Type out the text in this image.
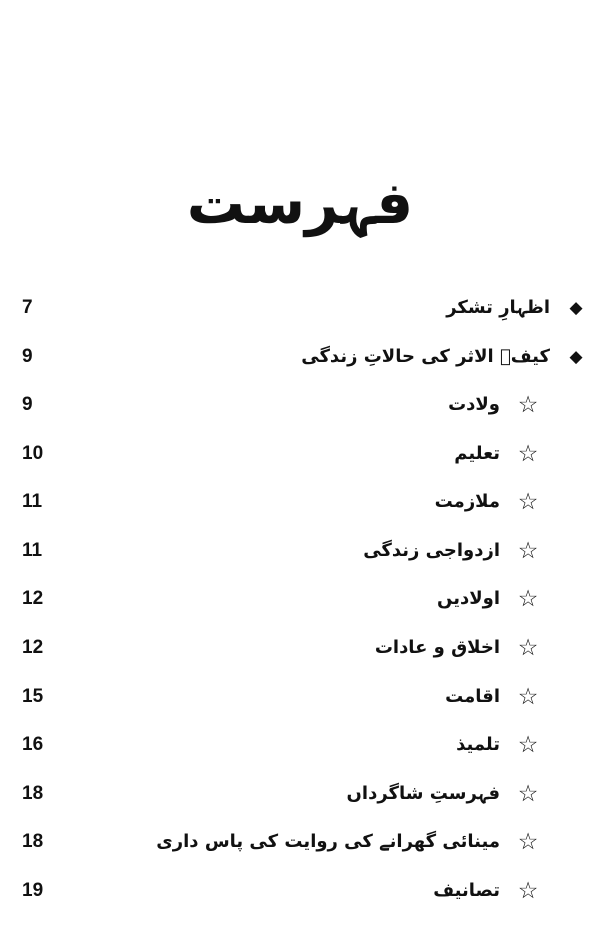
فہرست
7	اظہارِ تشکر	◆
9	کیفؔ الاثر کی حالاتِ زندگی	◆
9	ولادت ☆
10	تعلیم ☆
11	ملازمت ☆
11	ازدواجی زندگی ☆
12	اولادیں ☆
12	اخلاق و عادات ☆
15	اقامت ☆
16	تلمیذ ☆
18	فہرستِ شاگرداں ☆
18	مینائی گھرانے کی روایت کی پاس داری ☆
19	تصانیف ☆
